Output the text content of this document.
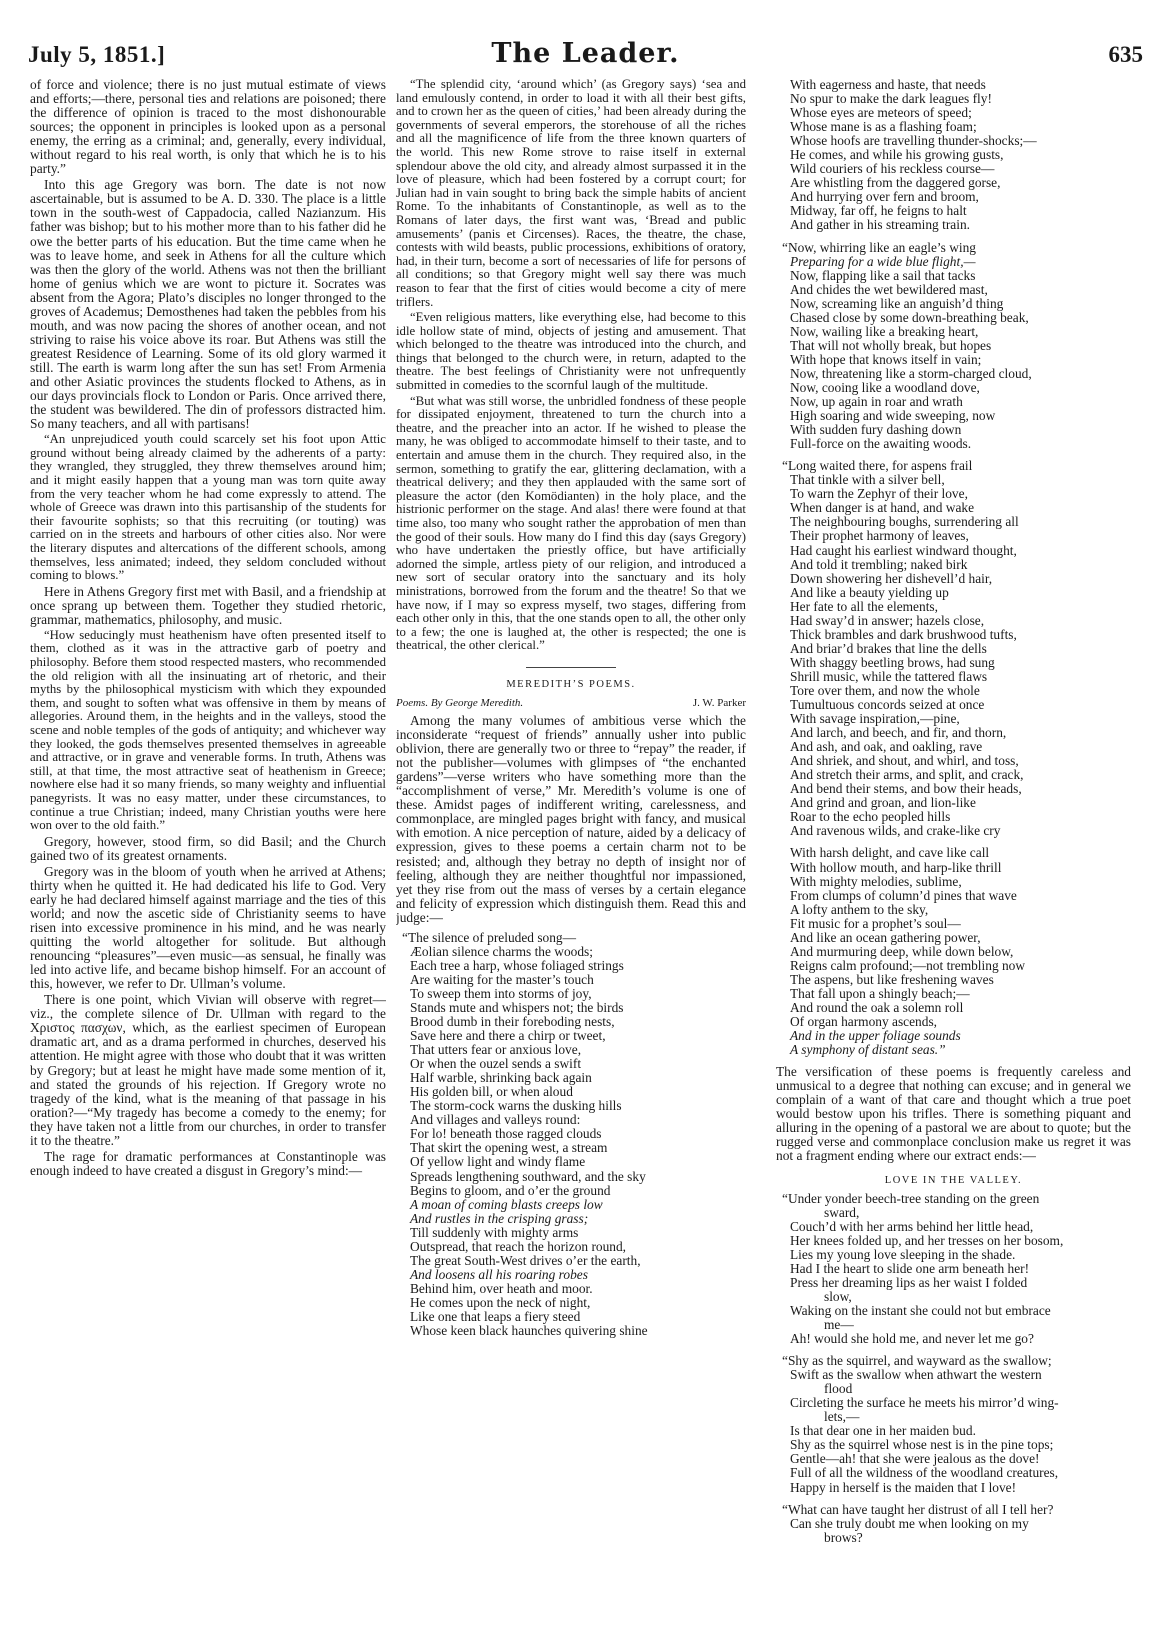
July 5, 1851.]	The Leader.	635

of force and violence; there is no just mutual estimate of views and efforts;—there, personal ties and relations are poisoned; there the difference of opinion is traced to the most dishonourable sources; the opponent in principles is looked upon as a personal enemy, the erring as a criminal; and, generally, every individual, without regard to his real worth, is only that which he is to his party.”

Into this age Gregory was born. The date is not now ascertainable, but is assumed to be A. D. 330. The place is a little town in the south-west of Cappadocia, called Nazianzum. His father was bishop; but to his mother more than to his father did he owe the better parts of his education. But the time came when he was to leave home, and seek in Athens for all the culture which was then the glory of the world. Athens was not then the brilliant home of genius which we are wont to picture it. Socrates was absent from the Agora; Plato’s disciples no longer thronged to the groves of Academus; Demosthenes had taken the pebbles from his mouth, and was now pacing the shores of another ocean, and not striving to raise his voice above its roar. But Athens was still the greatest Residence of Learning. Some of its old glory warmed it still. The earth is warm long after the sun has set! From Armenia and other Asiatic provinces the students flocked to Athens, as in our days provincials flock to London or Paris. Once arrived there, the student was bewildered. The din of professors distracted him. So many teachers, and all with partisans!

“An unprejudiced youth could scarcely set his foot upon Attic ground without being already claimed by the adherents of a party: they wrangled, they struggled, they threw themselves around him; and it might easily happen that a young man was torn quite away from the very teacher whom he had come expressly to attend. The whole of Greece was drawn into this partisanship of the students for their favourite sophists; so that this recruiting (or touting) was carried on in the streets and harbours of other cities also. Nor were the literary disputes and altercations of the different schools, among themselves, less animated; indeed, they seldom concluded without coming to blows.”

Here in Athens Gregory first met with Basil, and a friendship at once sprang up between them. Together they studied rhetoric, grammar, mathematics, philosophy, and music.

“How seducingly must heathenism have often presented itself to them, clothed as it was in the attractive garb of poetry and philosophy. Before them stood respected masters, who recommended the old religion with all the insinuating art of rhetoric, and their myths by the philosophical mysticism with which they expounded them, and sought to soften what was offensive in them by means of allegories. Around them, in the heights and in the valleys, stood the scene and noble temples of the gods of antiquity; and whichever way they looked, the gods themselves presented themselves in agreeable and attractive, or in grave and venerable forms. In truth, Athens was still, at that time, the most attractive seat of heathenism in Greece; nowhere else had it so many friends, so many weighty and influential panegyrists. It was no easy matter, under these circumstances, to continue a true Christian; indeed, many Christian youths were here won over to the old faith.”

Gregory, however, stood firm, so did Basil; and the Church gained two of its greatest ornaments.

Gregory was in the bloom of youth when he arrived at Athens; thirty when he quitted it. He had dedicated his life to God. Very early he had declared himself against marriage and the ties of this world; and now the ascetic side of Christianity seems to have risen into excessive prominence in his mind, and he was nearly quitting the world altogether for solitude. But although renouncing “pleasures”—even music—as sensual, he finally was led into active life, and became bishop himself. For an account of this, however, we refer to Dr. Ullman’s volume.

There is one point, which Vivian will observe with regret—viz., the complete silence of Dr. Ullman with regard to the Χριστος πασχων, which, as the earliest specimen of European dramatic art, and as a drama performed in churches, deserved his attention. He might agree with those who doubt that it was written by Gregory; but at least he might have made some mention of it, and stated the grounds of his rejection. If Gregory wrote no tragedy of the kind, what is the meaning of that passage in his oration?—“My tragedy has become a comedy to the enemy; for they have taken not a little from our churches, in order to transfer it to the theatre.”

The rage for dramatic performances at Constantinople was enough indeed to have created a disgust in Gregory’s mind:—

“The splendid city, ‘around which’ (as Gregory says) ‘sea and land emulously contend, in order to load it with all their best gifts, and to crown her as the queen of cities,’ had been already during the governments of several emperors, the storehouse of all the riches and all the magnificence of life from the three known quarters of the world. This new Rome strove to raise itself in external splendour above the old city, and already almost surpassed it in the love of pleasure, which had been fostered by a corrupt court; for Julian had in vain sought to bring back the simple habits of ancient Rome. To the inhabitants of Constantinople, as well as to the Romans of later days, the first want was, ‘Bread and public amusements’ (panis et Circenses). Races, the theatre, the chase, contests with wild beasts, public processions, exhibitions of oratory, had, in their turn, become a sort of necessaries of life for persons of all conditions; so that Gregory might well say there was much reason to fear that the first of cities would become a city of mere triflers.

“Even religious matters, like everything else, had become to this idle hollow state of mind, objects of jesting and amusement. That which belonged to the theatre was introduced into the church, and things that belonged to the church were, in return, adapted to the theatre. The best feelings of Christianity were not unfrequently submitted in comedies to the scornful laugh of the multitude.

“But what was still worse, the unbridled fondness of these people for dissipated enjoyment, threatened to turn the church into a theatre, and the preacher into an actor. If he wished to please the many, he was obliged to accommodate himself to their taste, and to entertain and amuse them in the church. They required also, in the sermon, something to gratify the ear, glittering declamation, with a theatrical delivery; and they then applauded with the same sort of pleasure the actor (den Komödianten) in the holy place, and the histrionic performer on the stage. And alas! there were found at that time also, too many who sought rather the approbation of men than the good of their souls. How many do I find this day (says Gregory) who have undertaken the priestly office, but have artificially adorned the simple, artless piety of our religion, and introduced a new sort of secular oratory into the sanctuary and its holy ministrations, borrowed from the forum and the theatre! So that we have now, if I may so express myself, two stages, differing from each other only in this, that the one stands open to all, the other only to a few; the one is laughed at, the other is respected; the one is theatrical, the other clerical.”

MEREDITH’S POEMS.
Poems. By George Meredith.	J. W. Parker

Among the many volumes of ambitious verse which the inconsiderate “request of friends” annually usher into public oblivion, there are generally two or three to “repay” the reader, if not the publisher—volumes with glimpses of “the enchanted gardens”—verse writers who have something more than the “accomplishment of verse,” Mr. Meredith’s volume is one of these. Amidst pages of indifferent writing, carelessness, and commonplace, are mingled pages bright with fancy, and musical with emotion. A nice perception of nature, aided by a delicacy of expression, gives to these poems a certain charm not to be resisted; and, although they betray no depth of insight nor of feeling, although they are neither thoughtful nor impassioned, yet they rise from out the mass of verses by a certain elegance and felicity of expression which distinguish them. Read this and judge:—

“The silence of preluded song—
Æolian silence charms the woods;
Each tree a harp, whose foliaged strings
Are waiting for the master’s touch
To sweep them into storms of joy,
Stands mute and whispers not; the birds
Brood dumb in their foreboding nests,
Save here and there a chirp or tweet,
That utters fear or anxious love,
Or when the ouzel sends a swift
Half warble, shrinking back again
His golden bill, or when aloud
The storm-cock warns the dusking hills
And villages and valleys round:
For lo! beneath those ragged clouds
That skirt the opening west, a stream
Of yellow light and windy flame
Spreads lengthening southward, and the sky
Begins to gloom, and o’er the ground
A moan of coming blasts creeps low
And rustles in the crisping grass;
Till suddenly with mighty arms
Outspread, that reach the horizon round,
The great South-West drives o’er the earth,
And loosens all his roaring robes
Behind him, over heath and moor.
He comes upon the neck of night,
Like one that leaps a fiery steed
Whose keen black haunches quivering shine
With eagerness and haste, that needs
No spur to make the dark leagues fly!
Whose eyes are meteors of speed;
Whose mane is as a flashing foam;
Whose hoofs are travelling thunder-shocks;—
He comes, and while his growing gusts,
Wild couriers of his reckless course—
Are whistling from the daggered gorse,
And hurrying over fern and broom,
Midway, far off, he feigns to halt
And gather in his streaming train.
“Now, whirring like an eagle’s wing
Preparing for a wide blue flight,—
Now, flapping like a sail that tacks
And chides the wet bewildered mast,
Now, screaming like an anguish’d thing
Chased close by some down-breathing beak,
Now, wailing like a breaking heart,
That will not wholly break, but hopes
With hope that knows itself in vain;
Now, threatening like a storm-charged cloud,
Now, cooing like a woodland dove,
Now, up again in roar and wrath
High soaring and wide sweeping, now
With sudden fury dashing down
Full-force on the awaiting woods.
“Long waited there, for aspens frail
That tinkle with a silver bell,
To warn the Zephyr of their love,
When danger is at hand, and wake
The neighbouring boughs, surrendering all
Their prophet harmony of leaves,
Had caught his earliest windward thought,
And told it trembling; naked birk
Down showering her dishevell’d hair,
And like a beauty yielding up
Her fate to all the elements,
Had sway’d in answer; hazels close,
Thick brambles and dark brushwood tufts,
And briar’d brakes that line the dells
With shaggy beetling brows, had sung
Shrill music, while the tattered flaws
Tore over them, and now the whole
Tumultuous concords seized at once
With savage inspiration,—pine,
And larch, and beech, and fir, and thorn,
And ash, and oak, and oakling, rave
And shriek, and shout, and whirl, and toss,
And stretch their arms, and split, and crack,
And bend their stems, and bow their heads,
And grind and groan, and lion-like
Roar to the echo peopled hills
And ravenous wilds, and crake-like cry
With harsh delight, and cave like call
With hollow mouth, and harp-like thrill
With mighty melodies, sublime,
From clumps of column’d pines that wave
A lofty anthem to the sky,
Fit music for a prophet’s soul—
And like an ocean gathering power,
And murmuring deep, while down below,
Reigns calm profound;—not trembling now
The aspens, but like freshening waves
That fall upon a shingly beach;—
And round the oak a solemn roll
Of organ harmony ascends,
And in the upper foliage sounds
A symphony of distant seas.”

The versification of these poems is frequently careless and unmusical to a degree that nothing can excuse; and in general we complain of a want of that care and thought which a true poet would bestow upon his trifles. There is something piquant and alluring in the opening of a pastoral we are about to quote; but the rugged verse and commonplace conclusion make us regret it was not a fragment ending where our extract ends:—

LOVE IN THE VALLEY.
“Under yonder beech-tree standing on the green
sward,
Couch’d with her arms behind her little head,
Her knees folded up, and her tresses on her bosom,
Lies my young love sleeping in the shade.
Had I the heart to slide one arm beneath her!
Press her dreaming lips as her waist I folded
slow,
Waking on the instant she could not but embrace
me—
Ah! would she hold me, and never let me go?
“Shy as the squirrel, and wayward as the swallow;
Swift as the swallow when athwart the western
flood
Circleting the surface he meets his mirror’d wing-
lets,—
Is that dear one in her maiden bud.
Shy as the squirrel whose nest is in the pine tops;
Gentle—ah! that she were jealous as the dove!
Full of all the wildness of the woodland creatures,
Happy in herself is the maiden that I love!
“What can have taught her distrust of all I tell her?
Can she truly doubt me when looking on my
brows?
